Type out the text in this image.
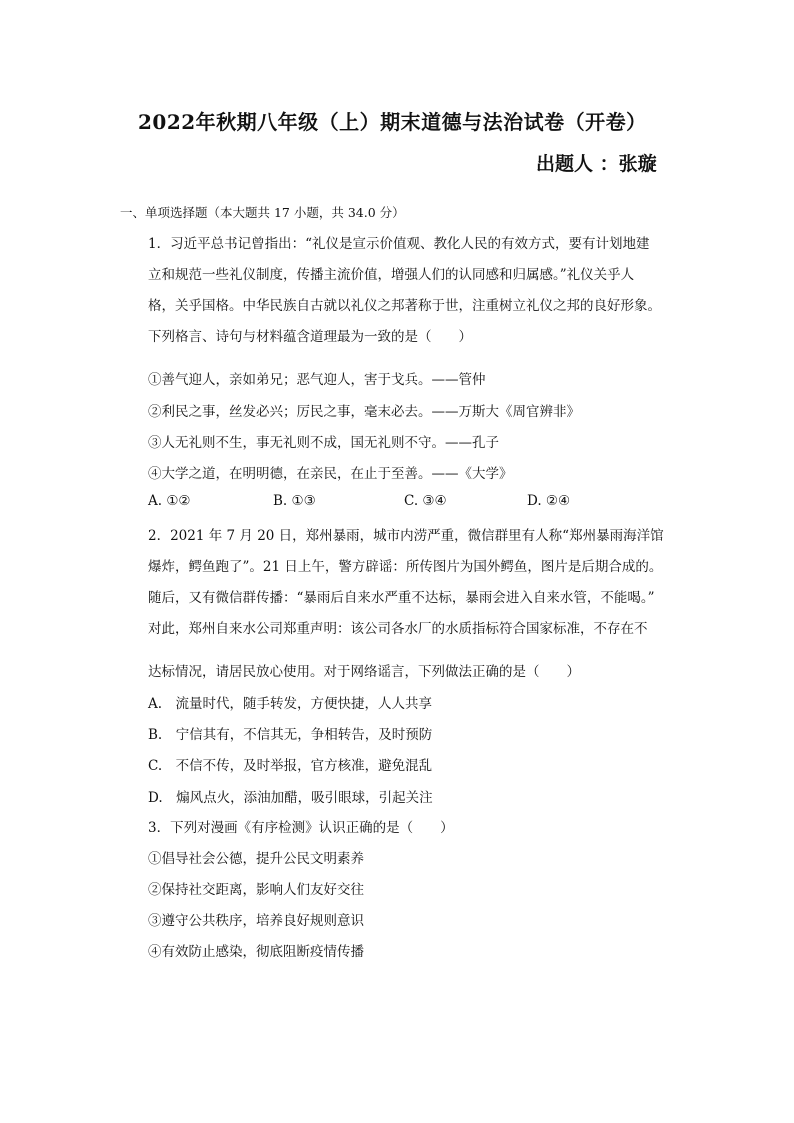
2022年秋期八年级（上）期末道德与法治试卷（开卷）
出题人 ：张璇
一、单项选择题（本大题共 17 小题，共 34.0 分）
1．习近平总书记曾指出：“礼仪是宣示价值观、教化人民的有效方式，要有计划地建
立和规范一些礼仪制度，传播主流价值，增强人们的认同感和归属感。”礼仪关乎人
格，关乎国格。中华民族自古就以礼仪之邦著称于世，注重树立礼仪之邦的良好形象。
下列格言、诗句与材料蕴含道理最为一致的是（　　）
①善气迎人，亲如弟兄；恶气迎人，害于戈兵。——管仲
②利民之事，丝发必兴；厉民之事，毫末必去。——万斯大《周官辨非》
③人无礼则不生，事无礼则不成，国无礼则不守。——孔子
④大学之道，在明明德，在亲民，在止于至善。——《大学》
A. ①②	B. ①③	C. ③④	D. ②④
2．2021 年 7 月 20 日，郑州暴雨，城市内涝严重，微信群里有人称“郑州暴雨海洋馆
爆炸，鳄鱼跑了”。21 日上午，警方辟谣：所传图片为国外鳄鱼，图片是后期合成的。
随后，又有微信群传播：“暴雨后自来水严重不达标，暴雨会进入自来水管，不能喝。”
对此，郑州自来水公司郑重声明：该公司各水厂的水质指标符合国家标准，不存在不
达标情况，请居民放心使用。对于网络谣言，下列做法正确的是（　　）
A.　流量时代，随手转发，方便快捷，人人共享
B.　宁信其有，不信其无，争相转告，及时预防
C.　不信不传，及时举报，官方核准，避免混乱
D.　煽风点火，添油加醋，吸引眼球，引起关注
3．下列对漫画《有序检测》认识正确的是（　　）
①倡导社会公德，提升公民文明素养
②保持社交距离，影响人们友好交往
③遵守公共秩序，培养良好规则意识
④有效防止感染，彻底阻断疫情传播
